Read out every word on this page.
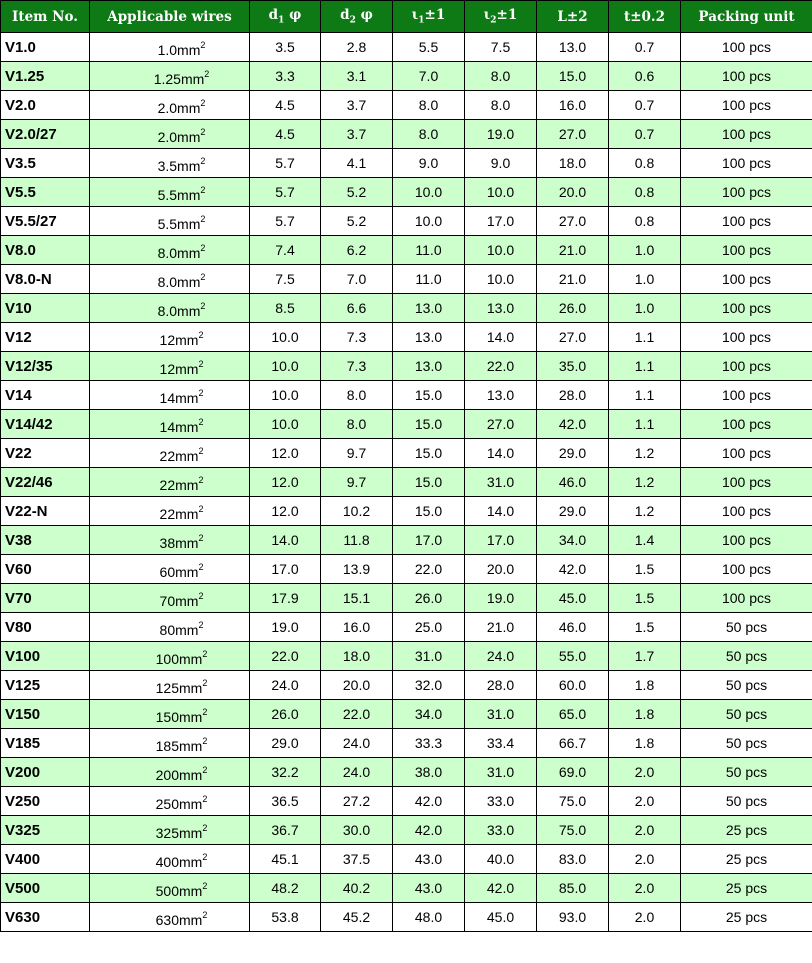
Item No.	Applicable wires	$d_1$ φ	$d_2$ φ	$\iota_1\pm 1$	$\iota_2\pm 1$	L±2	t±0.2	Packing unit
V1.0	$1.0mm^2$	3.5	2.8	5.5	7.5	13.0	0.7	100 pcs
V1.25	$1.25mm^2$	3.3	3.1	7.0	8.0	15.0	0.6	100 pcs
V2.0	$2.0mm^2$	4.5	3.7	8.0	8.0	16.0	0.7	100 pcs
V2.0/27	$2.0mm^2$	4.5	3.7	8.0	19.0	27.0	0.7	100 pcs
V3.5	$3.5mm^2$	5.7	4.1	9.0	9.0	18.0	0.8	100 pcs
V5.5	$5.5mm^2$	5.7	5.2	10.0	10.0	20.0	0.8	100 pcs
V5.5/27	$5.5mm^2$	5.7	5.2	10.0	17.0	27.0	0.8	100 pcs
V8.0	$8.0mm^2$	7.4	6.2	11.0	10.0	21.0	1.0	100 pcs
V8.0-N	$8.0mm^2$	7.5	7.0	11.0	10.0	21.0	1.0	100 pcs
V10	$8.0mm^2$	8.5	6.6	13.0	13.0	26.0	1.0	100 pcs
V12	$12mm^2$	10.0	7.3	13.0	14.0	27.0	1.1	100 pcs
V12/35	$12mm^2$	10.0	7.3	13.0	22.0	35.0	1.1	100 pcs
V14	$14mm^2$	10.0	8.0	15.0	13.0	28.0	1.1	100 pcs
V14/42	$14mm^2$	10.0	8.0	15.0	27.0	42.0	1.1	100 pcs
V22	$22mm^2$	12.0	9.7	15.0	14.0	29.0	1.2	100 pcs
V22/46	$22mm^2$	12.0	9.7	15.0	31.0	46.0	1.2	100 pcs
V22-N	$22mm^2$	12.0	10.2	15.0	14.0	29.0	1.2	100 pcs
V38	$38mm^2$	14.0	11.8	17.0	17.0	34.0	1.4	100 pcs
V60	$60mm^2$	17.0	13.9	22.0	20.0	42.0	1.5	100 pcs
V70	$70mm^2$	17.9	15.1	26.0	19.0	45.0	1.5	100 pcs
V80	$80mm^2$	19.0	16.0	25.0	21.0	46.0	1.5	50 pcs
V100	$100mm^2$	22.0	18.0	31.0	24.0	55.0	1.7	50 pcs
V125	$125mm^2$	24.0	20.0	32.0	28.0	60.0	1.8	50 pcs
V150	$150mm^2$	26.0	22.0	34.0	31.0	65.0	1.8	50 pcs
V185	$185mm^2$	29.0	24.0	33.3	33.4	66.7	1.8	50 pcs
V200	$200mm^2$	32.2	24.0	38.0	31.0	69.0	2.0	50 pcs
V250	$250mm^2$	36.5	27.2	42.0	33.0	75.0	2.0	50 pcs
V325	$325mm^2$	36.7	30.0	42.0	33.0	75.0	2.0	25 pcs
V400	$400mm^2$	45.1	37.5	43.0	40.0	83.0	2.0	25 pcs
V500	$500mm^2$	48.2	40.2	43.0	42.0	85.0	2.0	25 pcs
V630	$630mm^2$	53.8	45.2	48.0	45.0	93.0	2.0	25 pcs
